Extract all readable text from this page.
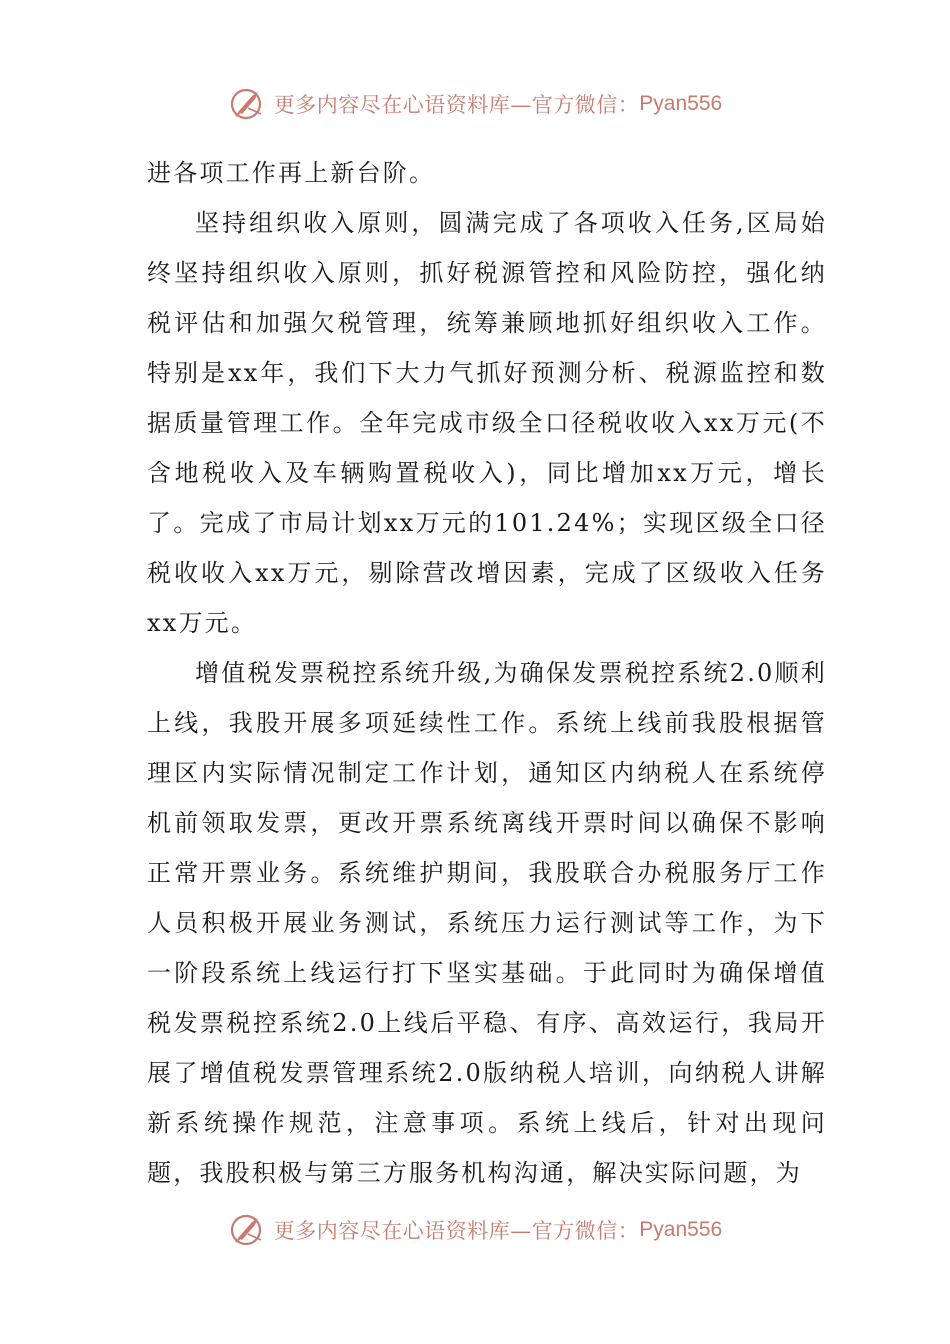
更多内容尽在心语资料库—官方微信： Pyan556

进各项工作再上新台阶。

坚持组织收入原则，圆满完成了各项收入任务,区局始终坚持组织收入原则，抓好税源管控和风险防控，强化纳税评估和加强欠税管理，统筹兼顾地抓好组织收入工作。特别是xx年，我们下大力气抓好预测分析、税源监控和数据质量管理工作。全年完成市级全口径税收收入xx万元(不含地税收入及车辆购置税收入)，同比增加xx万元，增长了。完成了市局计划xx万元的101.24%；实现区级全口径税收收入xx万元，剔除营改增因素，完成了区级收入任务xx万元。

增值税发票税控系统升级,为确保发票税控系统2.0顺利上线，我股开展多项延续性工作。系统上线前我股根据管理区内实际情况制定工作计划，通知区内纳税人在系统停机前领取发票，更改开票系统离线开票时间以确保不影响正常开票业务。系统维护期间，我股联合办税服务厅工作人员积极开展业务测试，系统压力运行测试等工作，为下一阶段系统上线运行打下坚实基础。于此同时为确保增值税发票税控系统2.0上线后平稳、有序、高效运行，我局开展了增值税发票管理系统2.0版纳税人培训，向纳税人讲解新系统操作规范，注意事项。系统上线后，针对出现问题，我股积极与第三方服务机构沟通，解决实际问题，为

更多内容尽在心语资料库—官方微信： Pyan556
